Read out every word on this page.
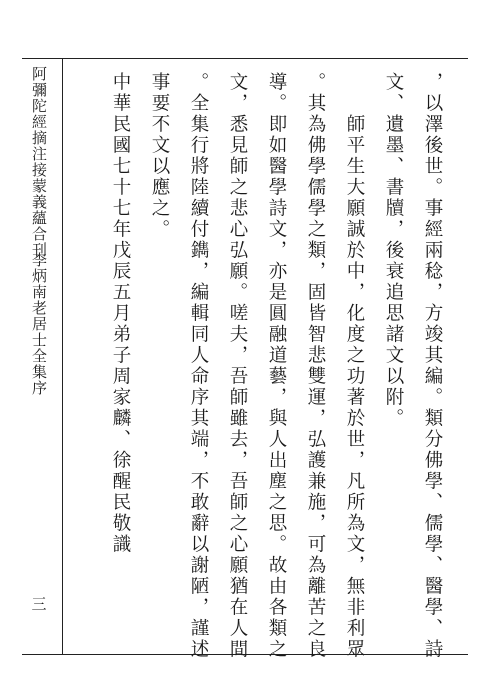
阿彌陀經摘注接蒙義蘊合刊
李炳南老居士全集序
三	，以澤後世。事經兩稔，方竣其編。類分佛學、儒學、醫學、詩
文、遺墨、書牘，後衰追思諸文以附。
　　師平生大願誠於中，化度之功著於世，凡所為文，無非利眾
。其為佛學儒學之類，固皆智悲雙運，弘護兼施，可為離苦之良
導。即如醫學詩文，亦是圓融道藝，與人出塵之思。故由各類之
文，悉見師之悲心弘願。嗟夫，吾師雖去，吾師之心願猶在人間
。全集行將陸續付鐫，編輯同人命序其端，不敢辭以謝陋，謹述
事要不文以應之。
中華民國七十七年戊辰五月弟子周家麟、徐醒民敬識
